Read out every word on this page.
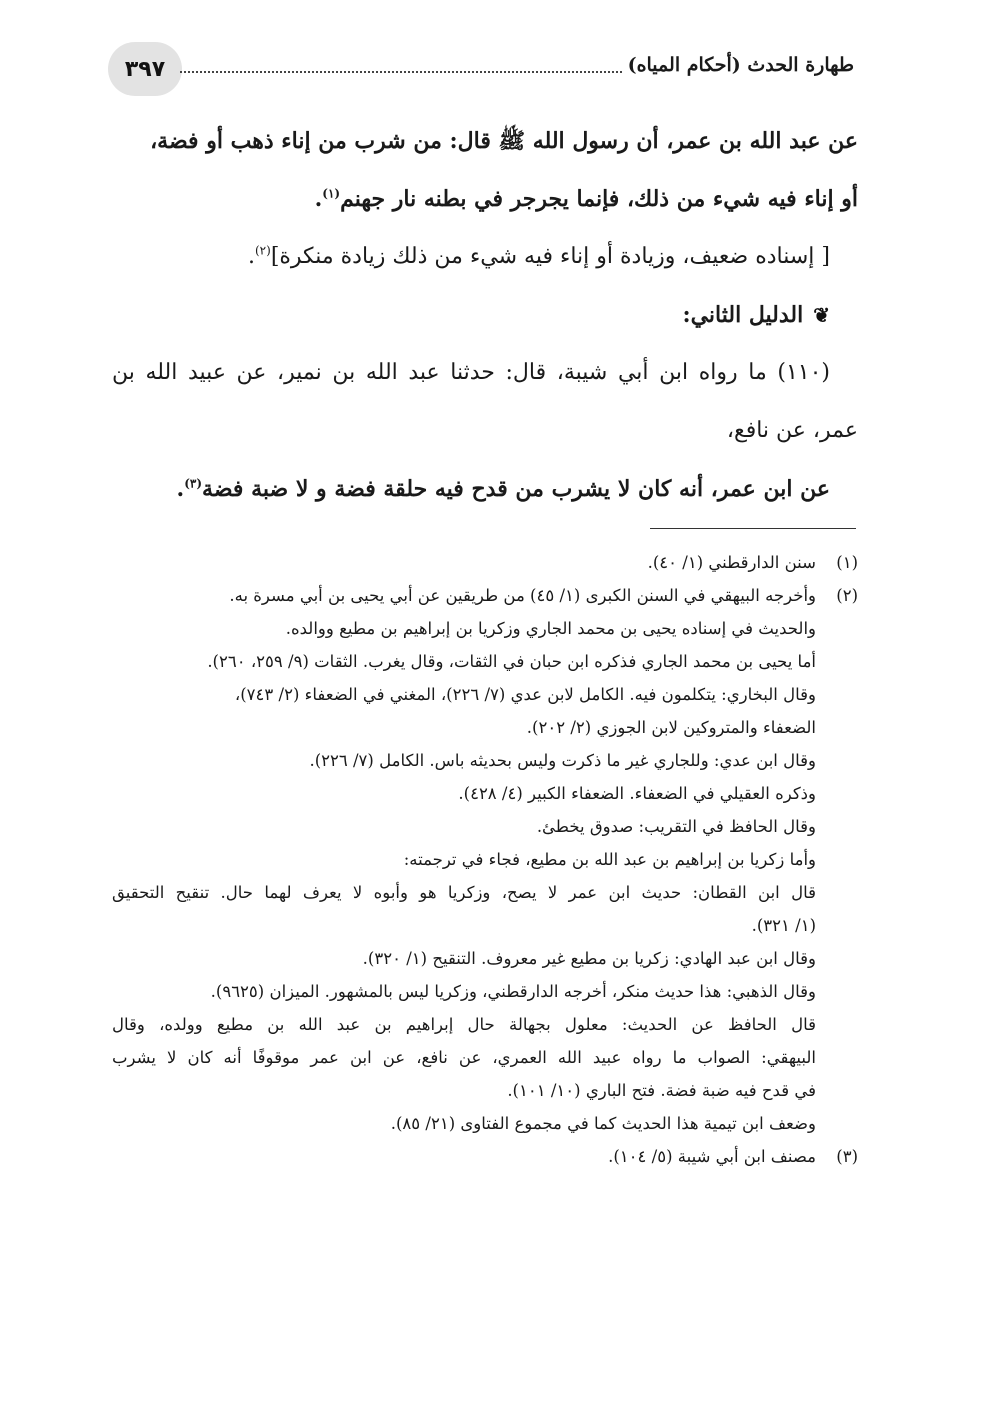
٣٩٧	طهارة الحدث (أحكام المياه)
عن عبد الله بن عمر، أن رسول الله ﷺ قال: من شرب من إناء ذهب أو فضة،
أو إناء فيه شيء من ذلك، فإنما يجرجر في بطنه نار جهنم$^{(١)}$.
[ إسناده ضعيف، وزيادة أو إناء فيه شيء من ذلك زيادة منكرة]$^{(٢)}$.
❦الدليل الثاني:
(١١٠) ما رواه ابن أبي شيبة، قال: حدثنا عبد الله بن نمير، عن عبيد الله بن
عمر، عن نافع،
عن ابن عمر، أنه كان لا يشرب من قدح فيه حلقة فضة و لا ضبة فضة$^{(٣)}$.
(١)سنن الدارقطني (١/ ٤٠).
(٢)وأخرجه البيهقي في السنن الكبرى (١/ ٤٥) من طريقين عن أبي يحيى بن أبي مسرة به.
والحديث في إسناده يحيى بن محمد الجاري وزكريا بن إبراهيم بن مطيع ووالده.
أما يحيى بن محمد الجاري فذكره ابن حبان في الثقات، وقال يغرب. الثقات (٩/ ٢٥٩، ٢٦٠).
وقال البخاري: يتكلمون فيه. الكامل لابن عدي (٧/ ٢٢٦)، المغني في الضعفاء (٢/ ٧٤٣)،
الضعفاء والمتروكين لابن الجوزي (٢/ ٢٠٢).
وقال ابن عدي: وللجاري غير ما ذكرت وليس بحديثه باس. الكامل (٧/ ٢٢٦).
وذكره العقيلي في الضعفاء. الضعفاء الكبير (٤/ ٤٢٨).
وقال الحافظ في التقريب: صدوق يخطئ.
وأما زكريا بن إبراهيم بن عبد الله بن مطيع، فجاء في ترجمته:
قال ابن القطان: حديث ابن عمر لا يصح، وزكريا هو وأبوه لا يعرف لهما حال. تنقيح التحقيق
(١/ ٣٢١).
وقال ابن عبد الهادي: زكريا بن مطيع غير معروف. التنقيح (١/ ٣٢٠).
وقال الذهبي: هذا حديث منكر، أخرجه الدارقطني، وزكريا ليس بالمشهور. الميزان (٩٦٢٥).
قال الحافظ عن الحديث: معلول بجهالة حال إبراهيم بن عبد الله بن مطيع وولده، وقال
البيهقي: الصواب ما رواه عبيد الله العمري، عن نافع، عن ابن عمر موقوفًا أنه كان لا يشرب
في قدح فيه ضبة فضة. فتح الباري (١٠/ ١٠١).
وضعف ابن تيمية هذا الحديث كما في مجموع الفتاوى (٢١/ ٨٥).
(٣)مصنف ابن أبي شيبة (٥/ ١٠٤).
